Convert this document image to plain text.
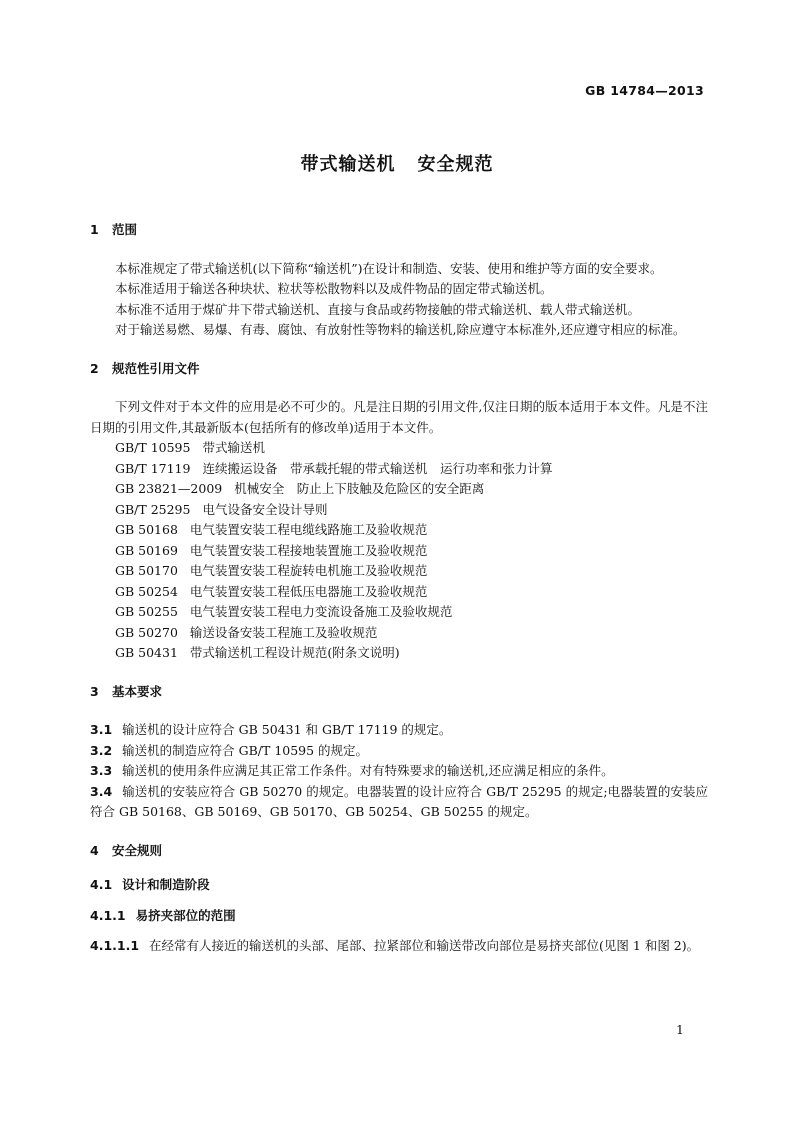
GB 14784—2013
带式输送机 安全规范

1 范围

本标准规定了带式输送机(以下简称“输送机”)在设计和制造、安装、使用和维护等方面的安全要求。

本标准适用于输送各种块状、粒状等松散物料以及成件物品的固定带式输送机。

本标准不适用于煤矿井下带式输送机、直接与食品或药物接触的带式输送机、载人带式输送机。

对于输送易燃、易爆、有毒、腐蚀、有放射性等物料的输送机,除应遵守本标准外,还应遵守相应的标准。

2 规范性引用文件

下列文件对于本文件的应用是必不可少的。凡是注日期的引用文件,仅注日期的版本适用于本文件。凡是不注日期的引用文件,其最新版本(包括所有的修改单)适用于本文件。

GB/T 10595 带式输送机
GB/T 17119 连续搬运设备　带承载托辊的带式输送机　运行功率和张力计算
GB 23821—2009 机械安全　防止上下肢触及危险区的安全距离
GB/T 25295 电气设备安全设计导则
GB 50168 电气装置安装工程电缆线路施工及验收规范
GB 50169 电气装置安装工程接地装置施工及验收规范
GB 50170 电气装置安装工程旋转电机施工及验收规范
GB 50254 电气装置安装工程低压电器施工及验收规范
GB 50255 电气装置安装工程电力变流设备施工及验收规范
GB 50270 输送设备安装工程施工及验收规范
GB 50431 带式输送机工程设计规范(附条文说明)

3 基本要求

3.1 输送机的设计应符合 GB 50431 和 GB/T 17119 的规定。

3.2 输送机的制造应符合 GB/T 10595 的规定。

3.3 输送机的使用条件应满足其正常工作条件。对有特殊要求的输送机,还应满足相应的条件。

3.4 输送机的安装应符合 GB 50270 的规定。电器装置的设计应符合 GB/T 25295 的规定;电器装置的安装应符合 GB 50168、GB 50169、GB 50170、GB 50254、GB 50255 的规定。

4 安全规则

4.1 设计和制造阶段

4.1.1 易挤夹部位的范围

4.1.1.1 在经常有人接近的输送机的头部、尾部、拉紧部位和输送带改向部位是易挤夹部位(见图 1 和图 2)。

1
